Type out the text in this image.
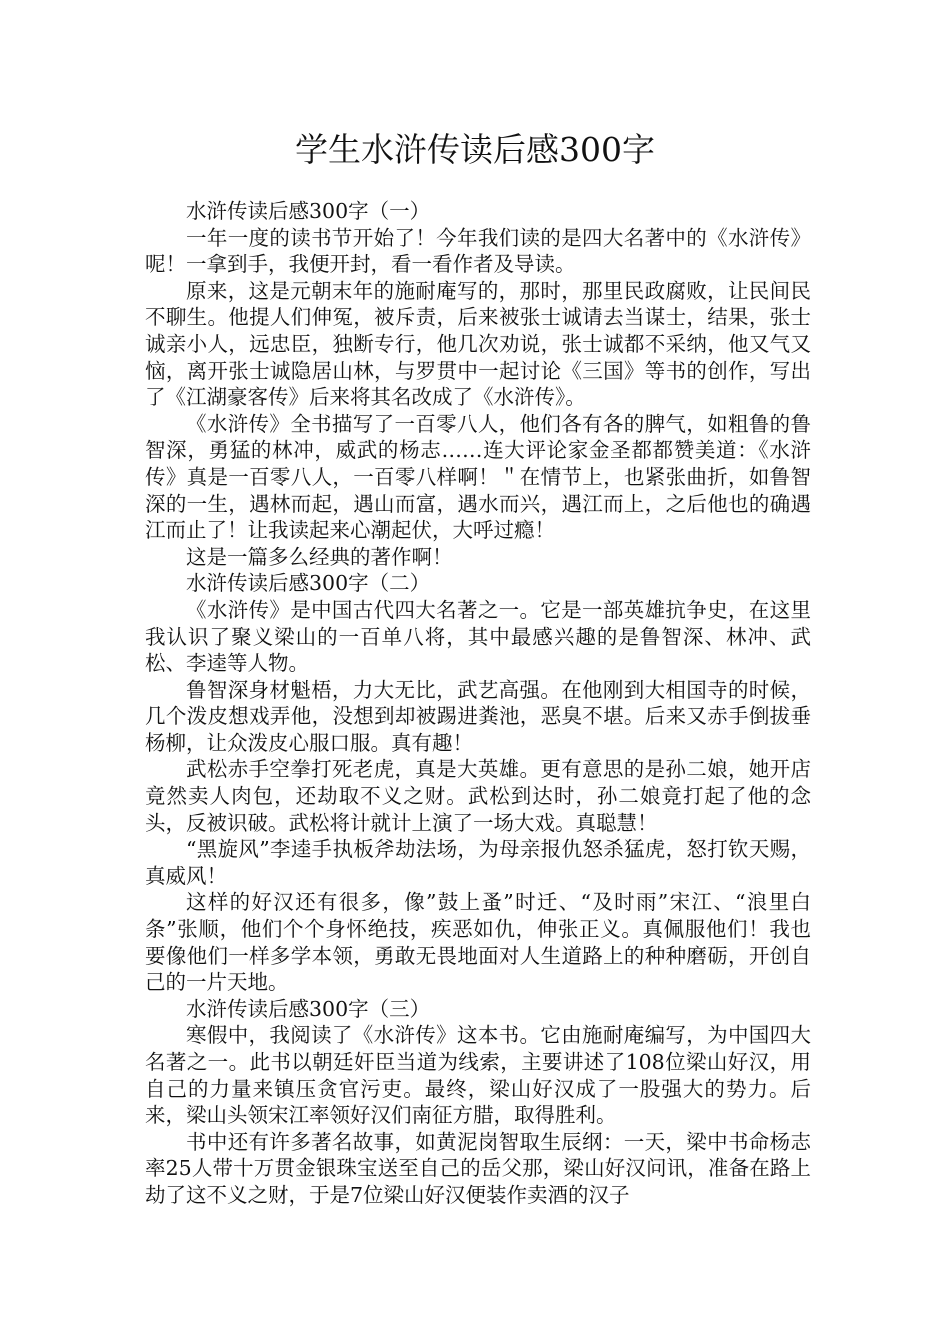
学生水浒传读后感300字

水浒传读后感300字（一）

一年一度的读书节开始了！今年我们读的是四大名著中的《水浒传》呢！一拿到手，我便开封，看一看作者及导读。

原来，这是元朝末年的施耐庵写的，那时，那里民政腐败，让民间民不聊生。他提人们伸冤，被斥责，后来被张士诚请去当谋士，结果，张士诚亲小人，远忠臣，独断专行，他几次劝说，张士诚都不采纳，他又气又恼，离开张士诚隐居山林，与罗贯中一起讨论《三国》等书的创作，写出了《江湖豪客传》后来将其名改成了《水浒传》。

《水浒传》全书描写了一百零八人，他们各有各的脾气，如粗鲁的鲁智深，勇猛的林冲，威武的杨志……连大评论家金圣都都赞美道：《水浒传》真是一百零八人，一百零八样啊！＂在情节上，也紧张曲折，如鲁智深的一生，遇林而起，遇山而富，遇水而兴，遇江而上，之后他也的确遇江而止了！让我读起来心潮起伏，大呼过瘾！

这是一篇多么经典的著作啊！

水浒传读后感300字（二）

《水浒传》是中国古代四大名著之一。它是一部英雄抗争史，在这里我认识了聚义梁山的一百单八将，其中最感兴趣的是鲁智深、林冲、武松、李逵等人物。

鲁智深身材魁梧，力大无比，武艺高强。在他刚到大相国寺的时候，几个泼皮想戏弄他，没想到却被踢进粪池，恶臭不堪。后来又赤手倒拔垂杨柳，让众泼皮心服口服。真有趣！

武松赤手空拳打死老虎，真是大英雄。更有意思的是孙二娘，她开店竟然卖人肉包，还劫取不义之财。武松到达时，孙二娘竟打起了他的念头，反被识破。武松将计就计上演了一场大戏。真聪慧！

“黑旋风”李逵手执板斧劫法场，为母亲报仇怒杀猛虎，怒打钦天赐，真威风！

这样的好汉还有很多，像”鼓上蚤”时迁、“及时雨”宋江、“浪里白条”张顺，他们个个身怀绝技，疾恶如仇，伸张正义。真佩服他们！我也要像他们一样多学本领，勇敢无畏地面对人生道路上的种种磨砺，开创自己的一片天地。

水浒传读后感300字（三）

寒假中，我阅读了《水浒传》这本书。它由施耐庵编写，为中国四大名著之一。此书以朝廷奸臣当道为线索，主要讲述了108位梁山好汉，用自己的力量来镇压贪官污吏。最终，梁山好汉成了一股强大的势力。后来，梁山头领宋江率领好汉们南征方腊，取得胜利。

书中还有许多著名故事，如黄泥岗智取生辰纲：一天，梁中书命杨志率25人带十万贯金银珠宝送至自己的岳父那，梁山好汉问讯，准备在路上劫了这不义之财，于是7位梁山好汉便装作卖酒的汉子
